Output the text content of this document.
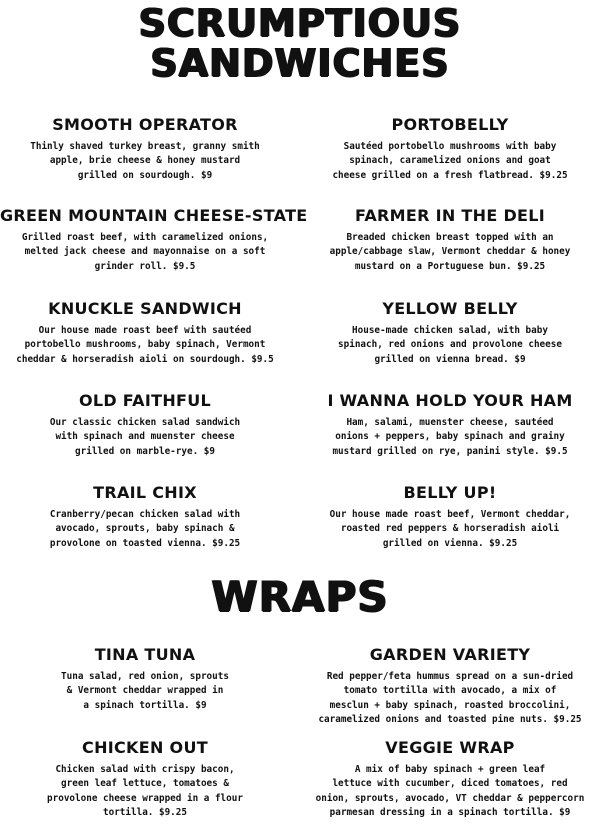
SCRUMPTIOUS
SANDWICHES
SMOOTH OPERATOR

Thinly shaved turkey breast, granny smith
apple, brie cheese & honey mustard
grilled on sourdough. $9

PORTOBELLY

Sautéed portobello mushrooms with baby
spinach, caramelized onions and goat
cheese grilled on a fresh flatbread. $9.25

GREEN MOUNTAIN CHEESE-STATE

Grilled roast beef, with caramelized onions,
melted jack cheese and mayonnaise on a soft
grinder roll. $9.5

FARMER IN THE DELI

Breaded chicken breast topped with an
apple/cabbage slaw, Vermont cheddar & honey
mustard on a Portuguese bun. $9.25

KNUCKLE SANDWICH

Our house made roast beef with sautéed
portobello mushrooms, baby spinach, Vermont
cheddar & horseradish aioli on sourdough. $9.5

YELLOW BELLY

House-made chicken salad, with baby
spinach, red onions and provolone cheese
grilled on vienna bread. $9

OLD FAITHFUL

Our classic chicken salad sandwich
with spinach and muenster cheese
grilled on marble-rye. $9

I WANNA HOLD YOUR HAM

Ham, salami, muenster cheese, sautéed
onions + peppers, baby spinach and grainy
mustard grilled on rye, panini style. $9.5

TRAIL CHIX

Cranberry/pecan chicken salad with
avocado, sprouts, baby spinach &
provolone on toasted vienna. $9.25

BELLY UP!

Our house made roast beef, Vermont cheddar,
roasted red peppers & horseradish aioli
grilled on vienna. $9.25

WRAPS
TINA TUNA

Tuna salad, red onion, sprouts
& Vermont cheddar wrapped in
a spinach tortilla. $9

GARDEN VARIETY

Red pepper/feta hummus spread on a sun-dried
tomato tortilla with avocado, a mix of
mesclun + baby spinach, roasted broccolini,
caramelized onions and toasted pine nuts. $9.25

CHICKEN OUT

Chicken salad with crispy bacon,
green leaf lettuce, tomatoes &
provolone cheese wrapped in a flour
tortilla. $9.25

VEGGIE WRAP

A mix of baby spinach + green leaf
lettuce with cucumber, diced tomatoes, red
onion, sprouts, avocado, VT cheddar & peppercorn
parmesan dressing in a spinach tortilla. $9
